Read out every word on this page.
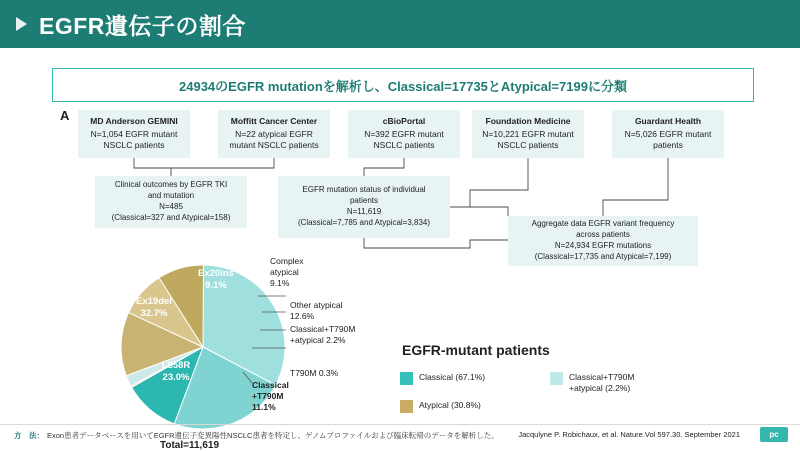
EGFR遺伝子の割合
24934のEGFR mutationを解析し、Classical=17735とAtypical=7199に分類
A MD Anderson GEMINI
N=1,054 EGFR mutant
NSCLC patients
Moffitt Cancer Center
N=22 atypical EGFR
mutant NSCLC patients
cBioPortal
N=392 EGFR mutant
NSCLC patients
Foundation Medicine
N=10,221 EGFR mutant
NSCLC patients
Guardant Health
N=5,026 EGFR mutant
patients
Clinical outcomes by EGFR TKI
and mutation
N=485
(Classical=327 and Atypical=158)
EGFR mutation status of individual
patients
N=11,619
(Classical=7,785 and Atypical=3,834)	Aggregate data EGFR variant frequency
across patients
N=24,934 EGFR mutations
(Classical=17,735 and Atypical=7,199)
Ex20ins
9.1%
Complex
atypical
9.1%
Other atypical
12.6%
Classical+T790M
+atypical 2.2%
T790M 0.3%
Classical
+T790M
11.1%
L858R
23.0%
Ex19del
32.7%
Total=11,619
EGFR-mutant patients
Classical (67.1%)	Classical+T790M
+atypical (2.2%)
Atypical (30.8%)
方　法： Exon患者データベースを用いてEGFR遺伝子変異陽性NSCLC患者を特定し、ゲノムプロファイルおよび臨床転帰のデータを解析した。	Jacqulyne P. Robichaux, et al. Nature.Vol 597.30. September 2021	pc
